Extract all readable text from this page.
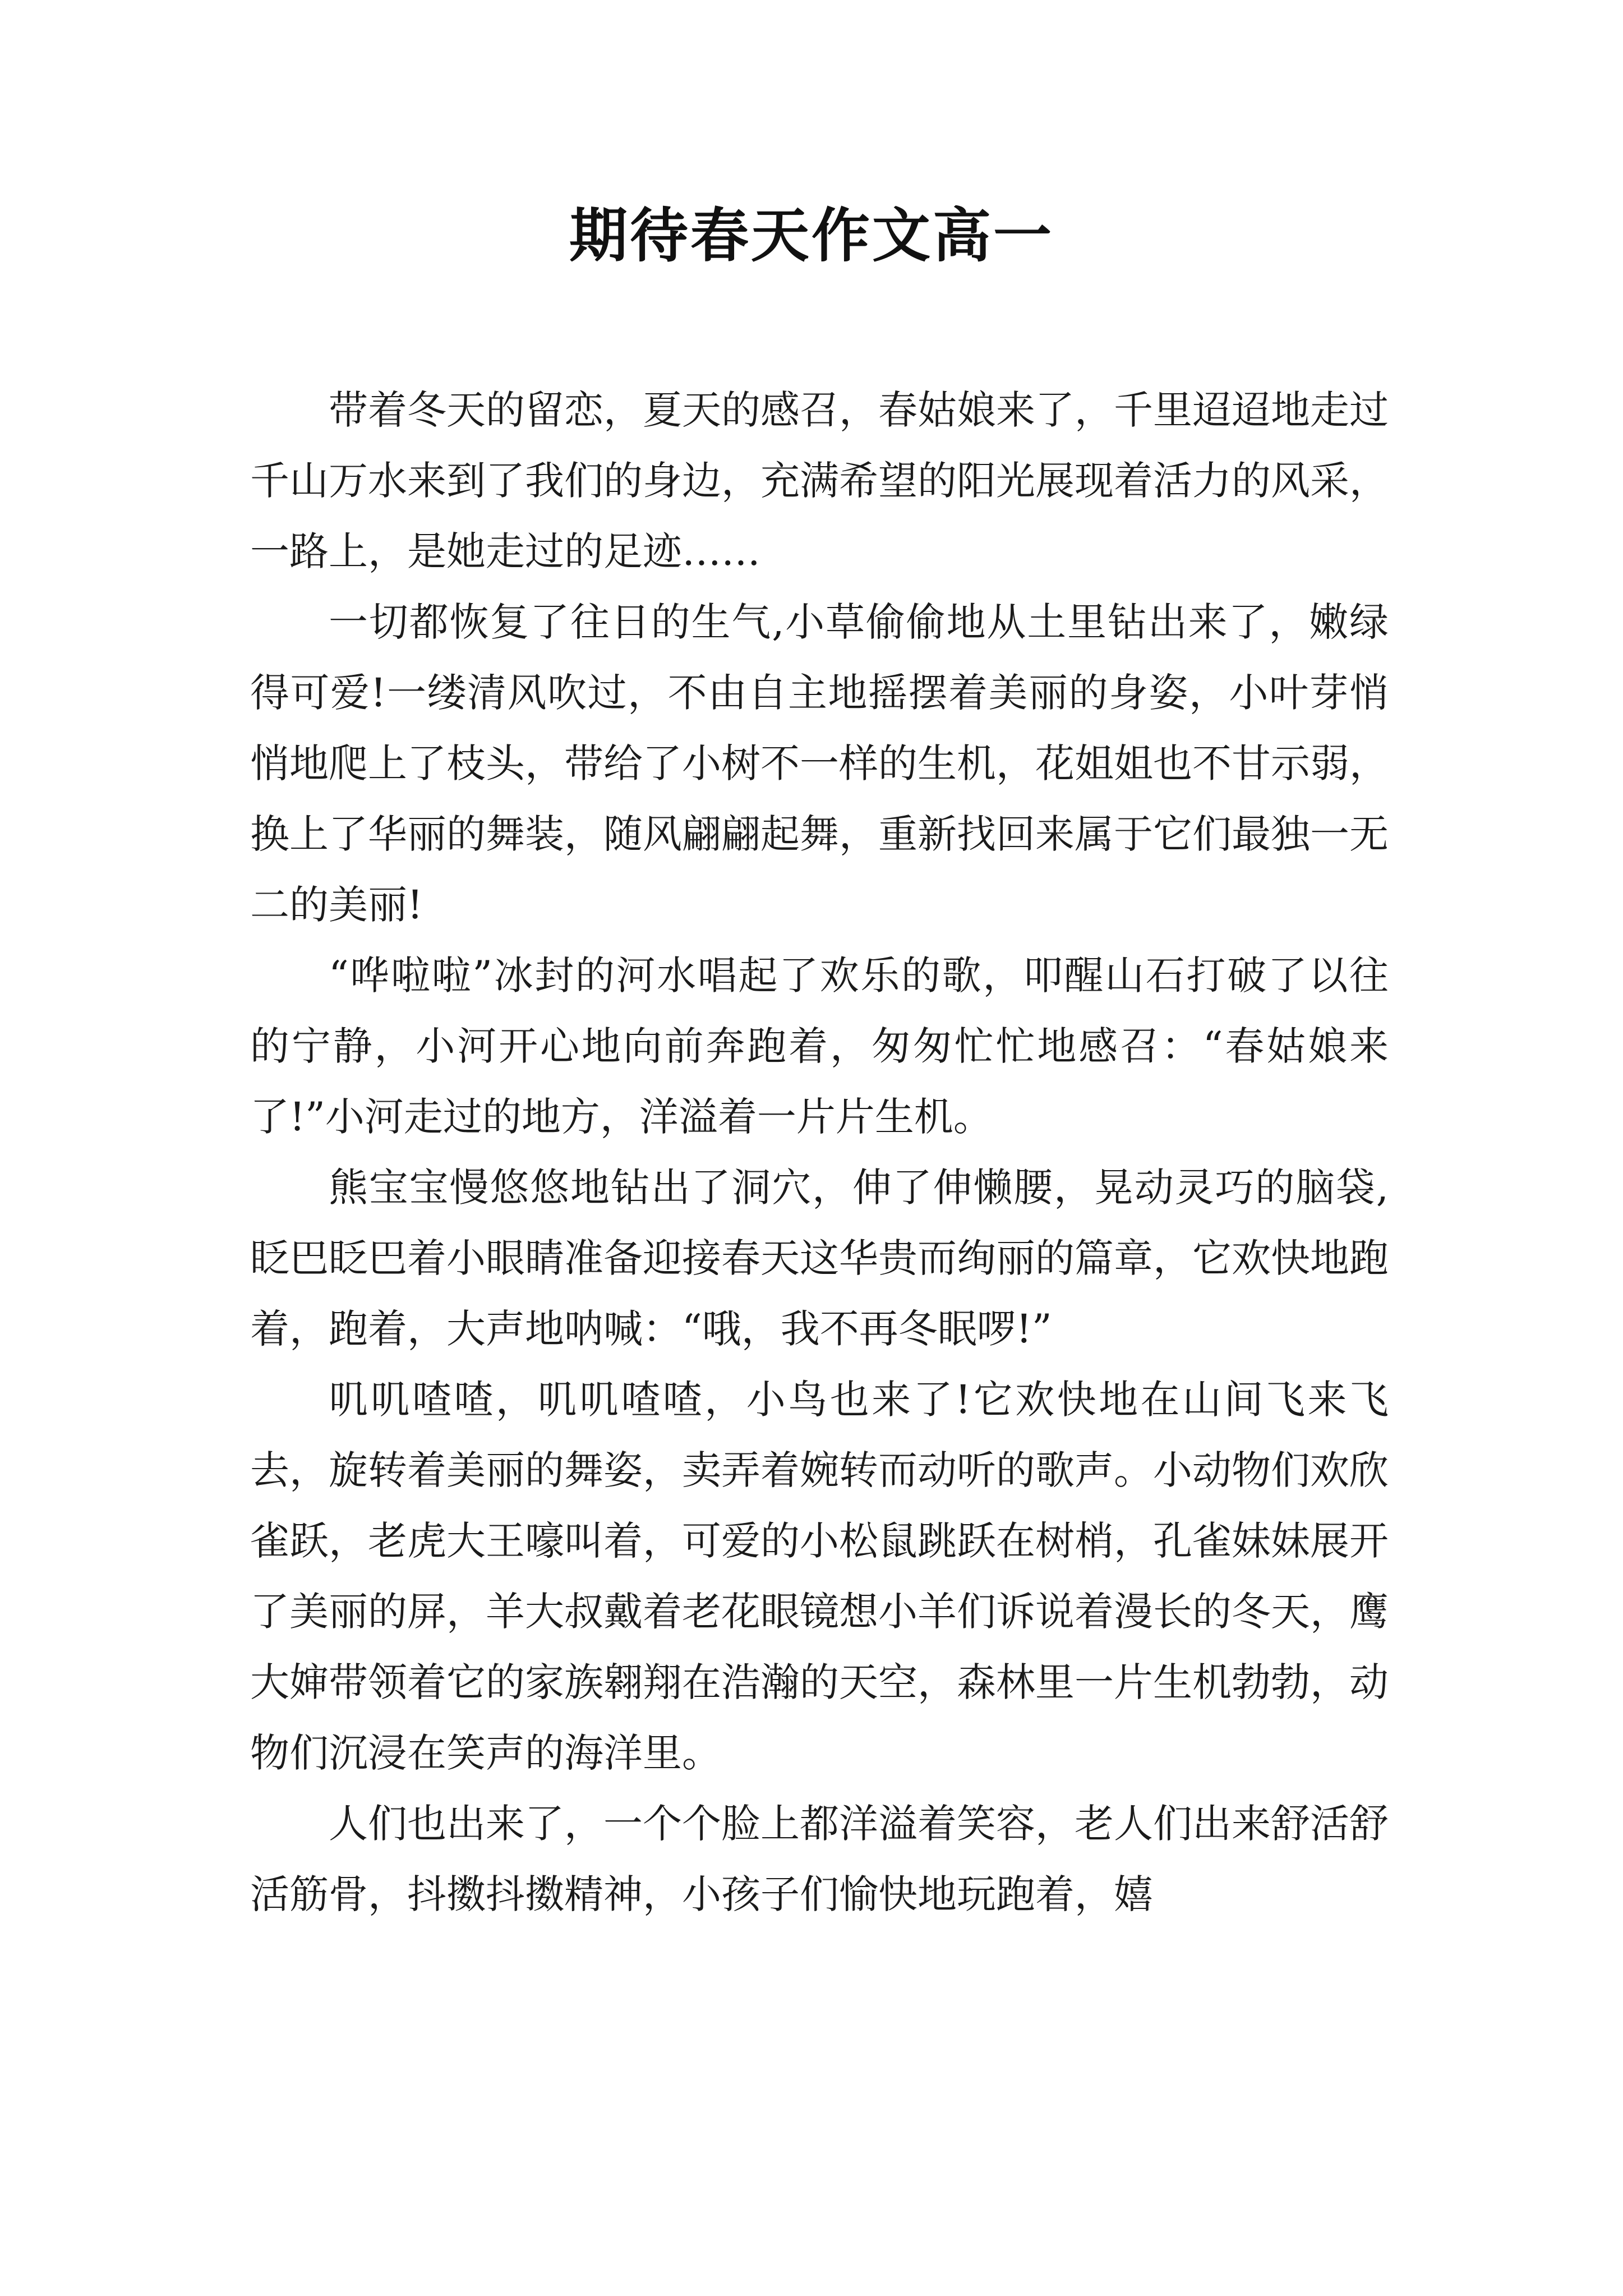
期待春天作文高一

带着冬天的留恋，夏天的感召，春姑娘来了，千里迢迢地走过千山万水来到了我们的身边，充满希望的阳光展现着活力的风采，一路上，是她走过的足迹……

一切都恢复了往日的生气,小草偷偷地从土里钻出来了，嫩绿得可爱!一缕清风吹过，不由自主地摇摆着美丽的身姿，小叶芽悄悄地爬上了枝头，带给了小树不一样的生机，花姐姐也不甘示弱，换上了华丽的舞装，随风翩翩起舞，重新找回来属于它们最独一无二的美丽!

“哗啦啦”冰封的河水唱起了欢乐的歌，叩醒山石打破了以往的宁静，小河开心地向前奔跑着，匆匆忙忙地感召：“春姑娘来了!”小河走过的地方，洋溢着一片片生机。

熊宝宝慢悠悠地钻出了洞穴，伸了伸懒腰，晃动灵巧的脑袋,眨巴眨巴着小眼睛准备迎接春天这华贵而绚丽的篇章，它欢快地跑着，跑着，大声地呐喊：“哦，我不再冬眠啰!”

叽叽喳喳，叽叽喳喳，小鸟也来了!它欢快地在山间飞来飞去，旋转着美丽的舞姿，卖弄着婉转而动听的歌声。小动物们欢欣雀跃，老虎大王嚎叫着，可爱的小松鼠跳跃在树梢，孔雀妹妹展开了美丽的屏，羊大叔戴着老花眼镜想小羊们诉说着漫长的冬天，鹰大婶带领着它的家族翱翔在浩瀚的天空，森林里一片生机勃勃，动物们沉浸在笑声的海洋里。

人们也出来了，一个个脸上都洋溢着笑容，老人们出来舒活舒活筋骨，抖擞抖擞精神，小孩子们愉快地玩跑着，嬉
